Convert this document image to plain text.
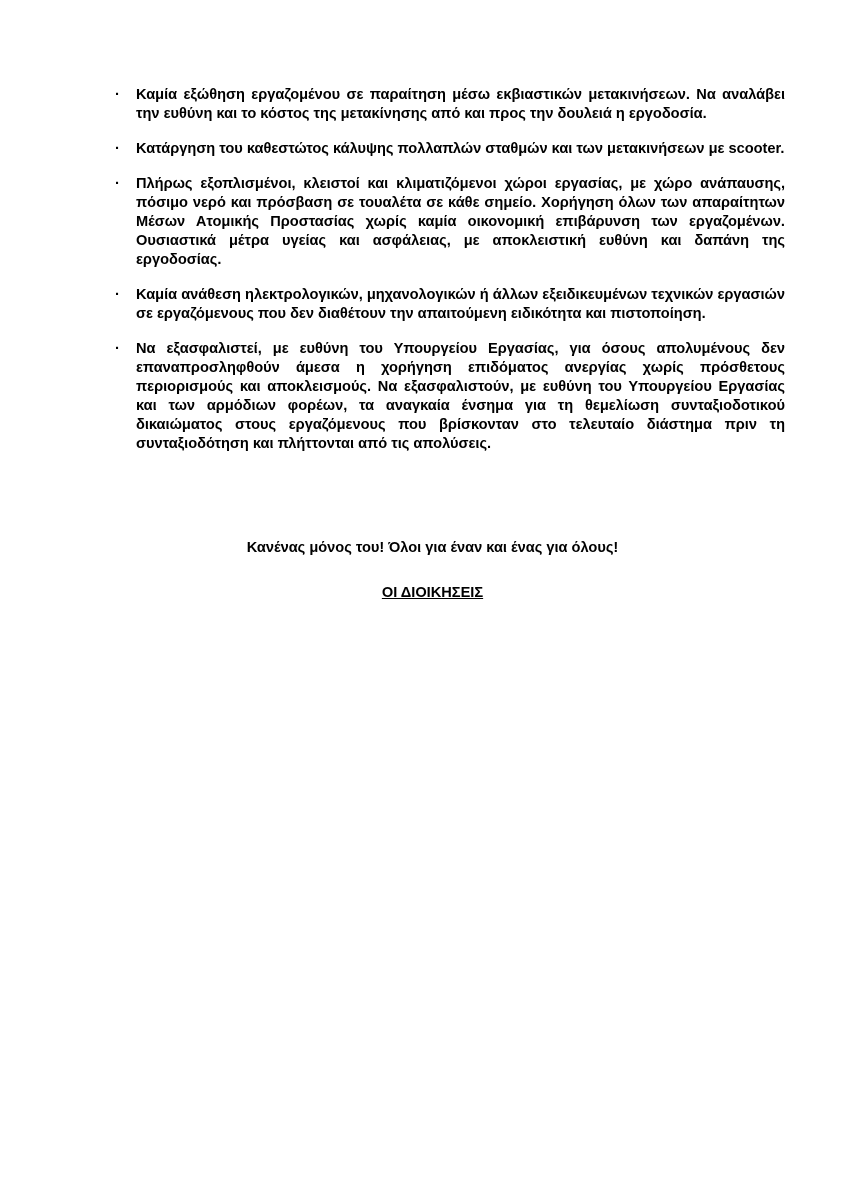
·	Καμία εξώθηση εργαζομένου σε παραίτηση μέσω εκβιαστικών μετακινήσεων. Να αναλάβει την ευθύνη και το κόστος της μετακίνησης από και προς την δουλειά η εργοδοσία.
·	Κατάργηση του καθεστώτος κάλυψης πολλαπλών σταθμών και των μετακινήσεων με scooter.
·	Πλήρως εξοπλισμένοι, κλειστοί και κλιματιζόμενοι χώροι εργασίας, με χώρο ανάπαυσης, πόσιμο νερό και πρόσβαση σε τουαλέτα σε κάθε σημείο. Χορήγηση όλων των απαραίτητων Μέσων Ατομικής Προστασίας χωρίς καμία οικονομική επιβάρυνση των εργαζομένων. Ουσιαστικά μέτρα υγείας και ασφάλειας, με αποκλειστική ευθύνη και δαπάνη της εργοδοσίας.
·	Καμία ανάθεση ηλεκτρολογικών, μηχανολογικών ή άλλων εξειδικευμένων τεχνικών εργασιών σε εργαζόμενους που δεν διαθέτουν την απαιτούμενη ειδικότητα και πιστοποίηση.
·	Να εξασφαλιστεί, με ευθύνη του Υπουργείου Εργασίας, για όσους απολυμένους δεν επαναπροσληφθούν άμεσα η χορήγηση επιδόματος ανεργίας χωρίς πρόσθετους περιορισμούς και αποκλεισμούς. Να εξασφαλιστούν, με ευθύνη του Υπουργείου Εργασίας και των αρμόδιων φορέων, τα αναγκαία ένσημα για τη θεμελίωση συνταξιοδοτικού δικαιώματος στους εργαζόμενους που βρίσκονταν στο τελευταίο διάστημα πριν τη συνταξιοδότηση και πλήττονται από τις απολύσεις.

Κανένας μόνος του! Όλοι για έναν και ένας για όλους!

ΟΙ ΔΙΟΙΚΗΣΕΙΣ
